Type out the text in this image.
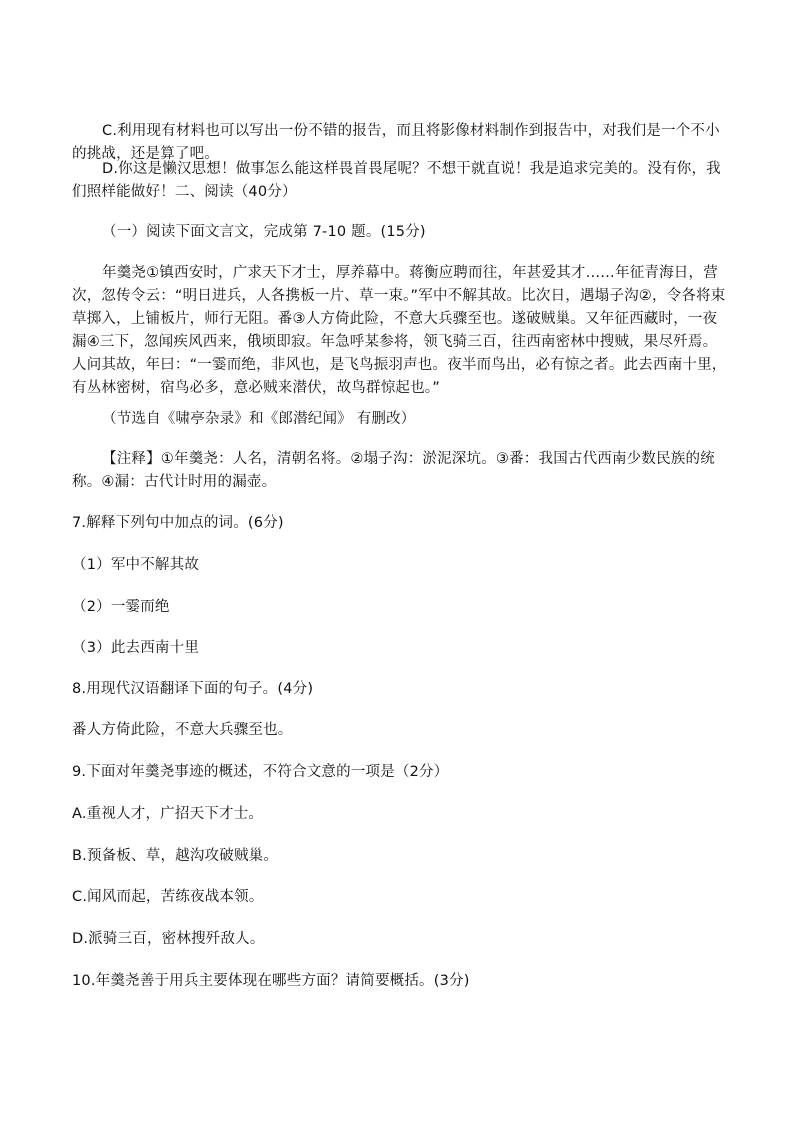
C.利用现有材料也可以写出一份不错的报告，而且将影像材料制作到报告中，对我们是一个不小的挑战，还是算了吧。
D.你这是懒汉思想！做事怎么能这样畏首畏尾呢？不想干就直说！我是追求完美的。没有你，我们照样能做好！二、阅读（40分）
（一）阅读下面文言文，完成第 7-10 题。(15分)
年羹尧①镇西安时，广求天下才士，厚养幕中。蒋衡应聘而往，年甚爱其才……年征青海日，营次，忽传令云：“明日进兵，人各携板一片、草一束。”军中不解其故。比次日，遇塌子沟②，令各将束草掷入，上铺板片，师行无阻。番③人方倚此险，不意大兵骤至也。遂破贼巢。又年征西藏时，一夜漏④三下，忽闻疾风西来，俄顷即寂。年急呼某参将，领飞骑三百，往西南密林中搜贼，果尽歼焉。人问其故，年曰：“一霎而绝，非风也，是飞鸟振羽声也。夜半而鸟出，必有惊之者。此去西南十里，有丛林密树，宿鸟必多，意必贼来潜伏，故鸟群惊起也。”
（节选自《啸亭杂录》和《郎潜纪闻》 有删改）
【注释】①年羹尧：人名，清朝名将。②塌子沟：淤泥深坑。③番：我国古代西南少数民族的统称。④漏：古代计时用的漏壶。
7.解释下列句中加点的词。(6分)
（1）军中不解其故
（2）一霎而绝
（3）此去西南十里
8.用现代汉语翻译下面的句子。(4分)
番人方倚此险，不意大兵骤至也。
9.下面对年羹尧事迹的概述，不符合文意的一项是（2分）
A.重视人才，广招天下才士。
B.预备板、草，越沟攻破贼巢。
C.闻风而起，苦练夜战本领。
D.派骑三百，密林搜歼敌人。
10.年羹尧善于用兵主要体现在哪些方面？请简要概括。(3分)
